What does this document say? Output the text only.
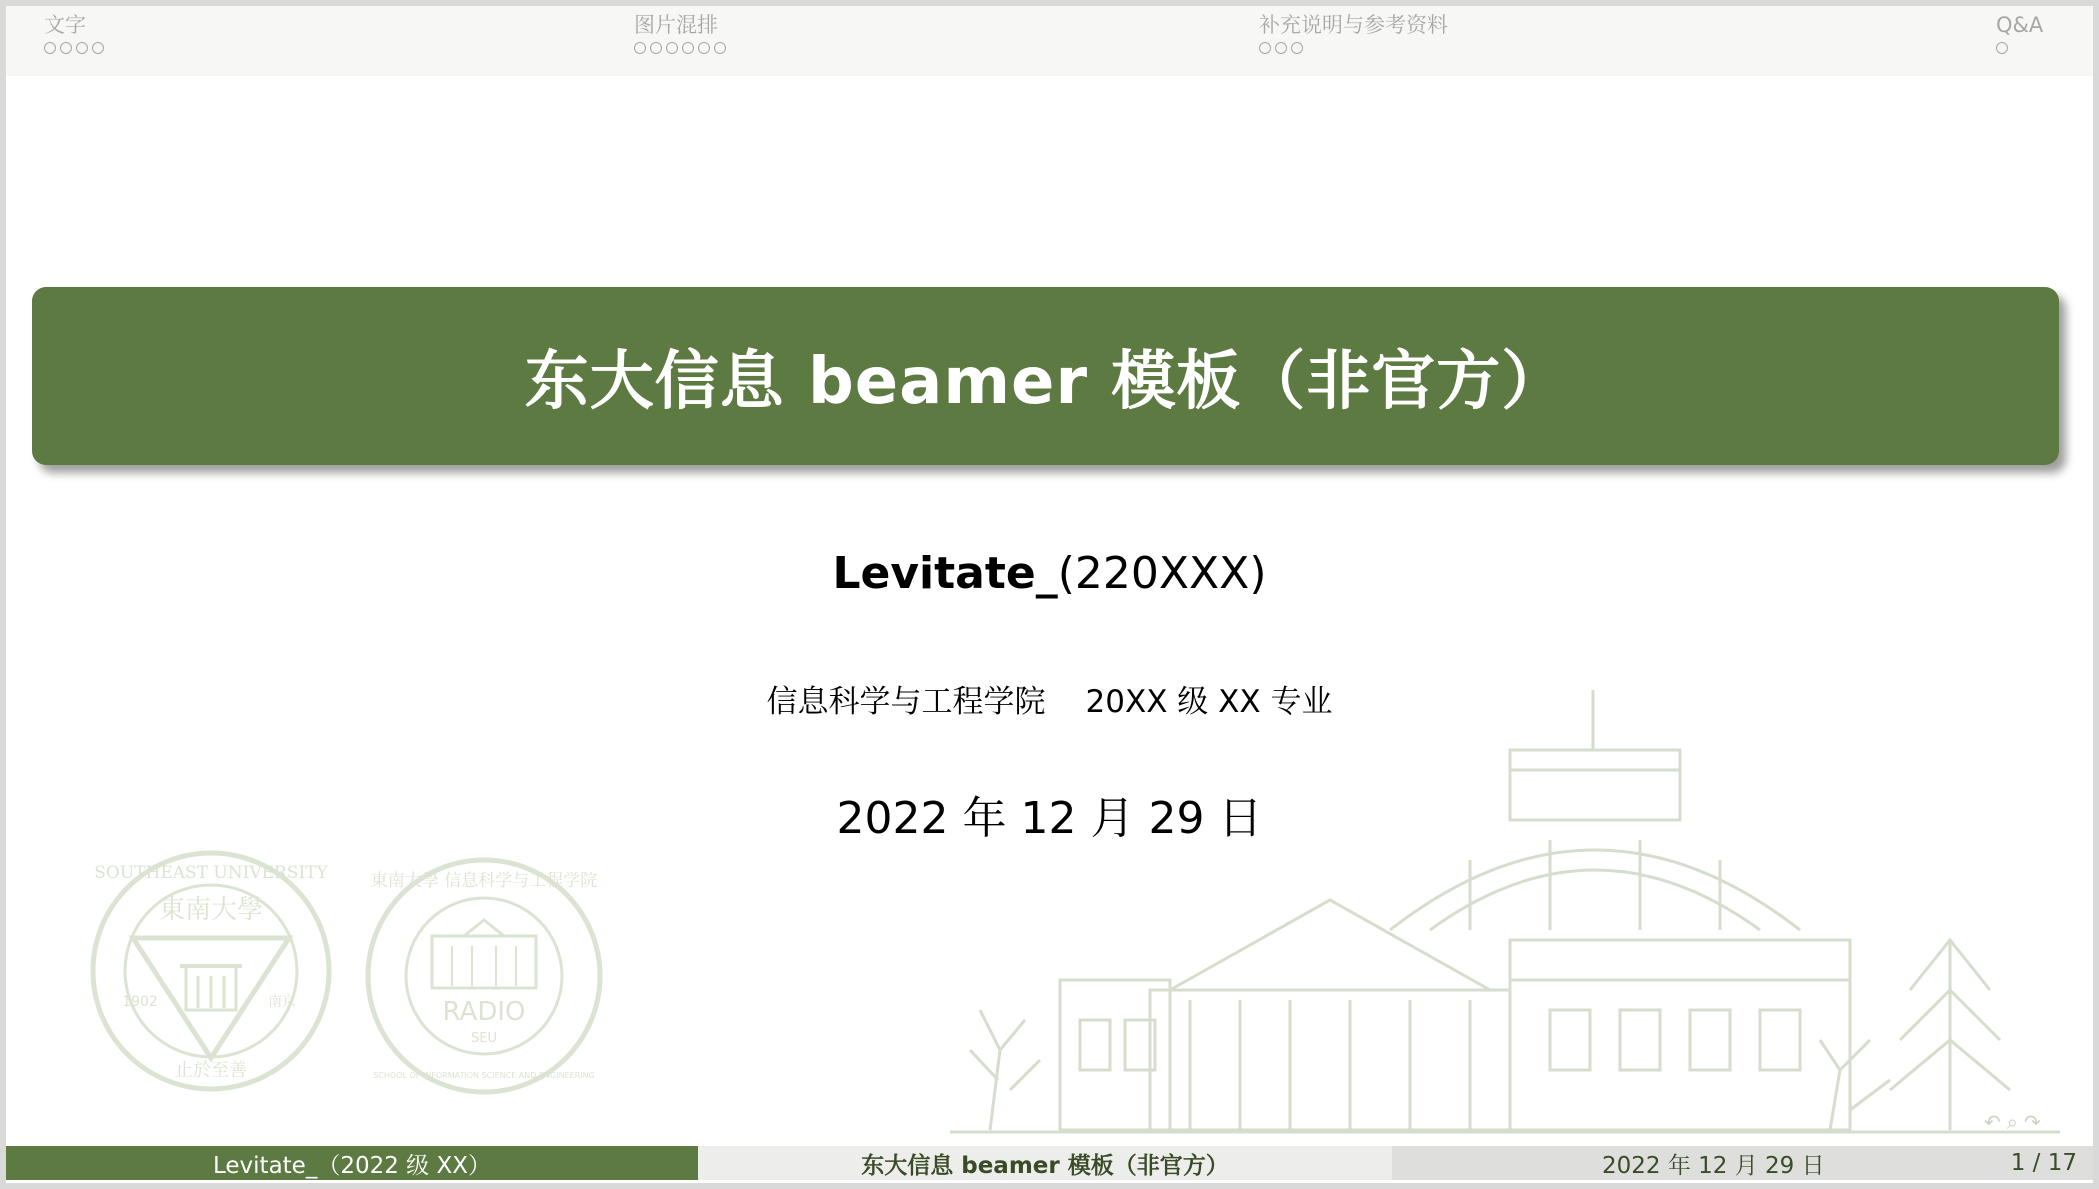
文字	图片混排	补充说明与参考资料	Q&A
東南大學
1902	南京
止於至善
SOUTHEAST UNIVERSITY	東南大學 信息科学与工程学院
RADIO
SEU
SCHOOL OF INFORMATION SCIENCE AND ENGINEERING
东大信息 beamer 模板（非官方）
Levitate_(220XXX)
信息科学与工程学院 20XX 级 XX 专业
2022 年 12 月 29 日
↶ ⌕ ↷
Levitate_（2022 级 XX）	东大信息 beamer 模板（非官方）	2022 年 12 月 29 日	1 / 17
